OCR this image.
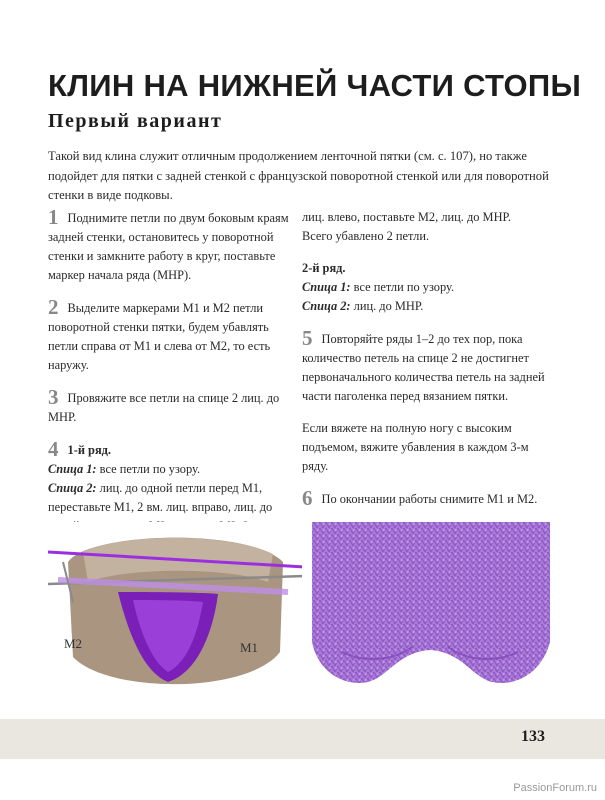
КЛИН НА НИЖНЕЙ ЧАСТИ СТОПЫ
Первый вариант

Такой вид клина служит отличным продолжением ленточной пятки (см. с. 107), но также подойдет для пятки с задней стенкой с французской поворотной стенкой или для поворотной стенки в виде подковы.

1 Поднимите петли по двум боковым краям задней стенки, остановитесь у поворотной стенки и замкните работу в круг, поставьте маркер начала ряда (МНР).

2 Выделите маркерами М1 и М2 петли поворотной стенки пятки, будем убавлять петли справа от М1 и слева от М2, то есть наружу.

3 Провяжите все петли на спице 2 лиц. до МНР.

4 1-й ряд.
Спица 1: все петли по узору.
Спица 2: лиц. до одной петли перед М1, переставьте М1, 2 вм. лиц. вправо, лиц. до

лиц. влево, поставьте М2, лиц. до МНР.
Всего убавлено 2 петли.

2-й ряд.
Спица 1: все петли по узору.
Спица 2: лиц. до МНР.

5 Повторяйте ряды 1–2 до тех пор, пока количество петель на спице 2 не достигнет первоначального количества петель на задней части паголенка перед вязанием пятки.

Если вяжете на полную ногу с высоким подъемом, вяжите убавления в каждом 3-м ряду.

6 По окончании работы снимите М1 и М2.

M2	M1
133
PassionForum.ru
